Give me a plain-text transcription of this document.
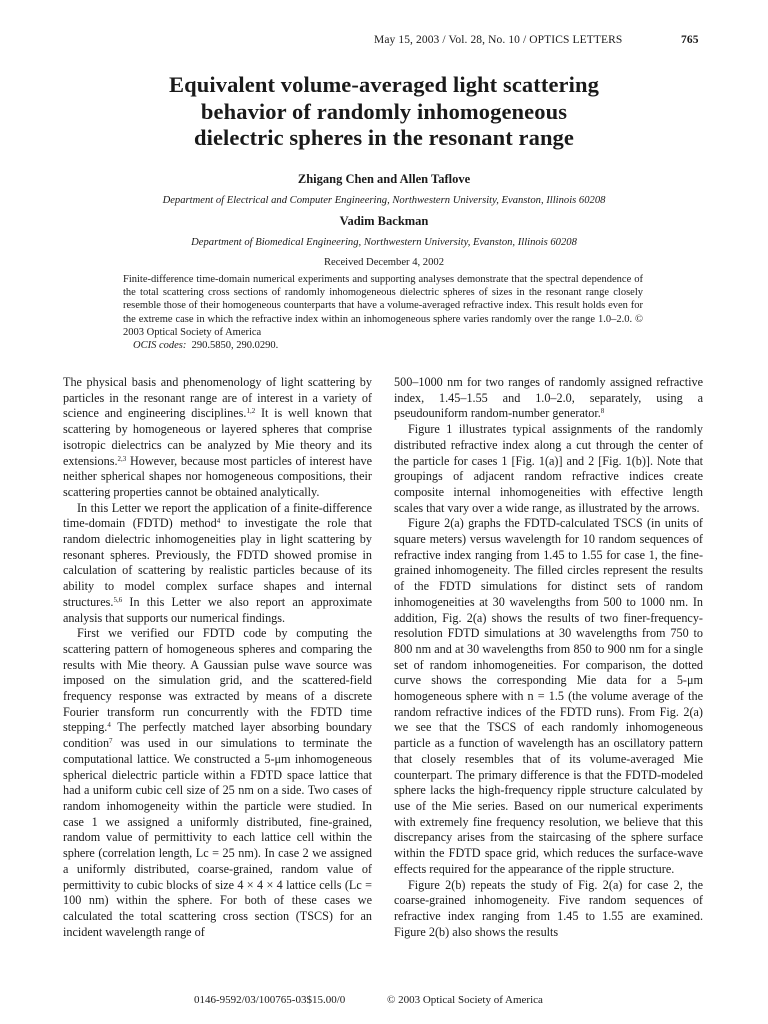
May 15, 2003 / Vol. 28, No. 10 / OPTICS LETTERS	765
Equivalent volume-averaged light scattering
behavior of randomly inhomogeneous
dielectric spheres in the resonant range
Zhigang Chen and Allen Taflove
Department of Electrical and Computer Engineering, Northwestern University, Evanston, Illinois 60208
Vadim Backman
Department of Biomedical Engineering, Northwestern University, Evanston, Illinois 60208
Received December 4, 2002
Finite-difference time-domain numerical experiments and supporting analyses demonstrate that the spectral dependence of the total scattering cross sections of randomly inhomogeneous dielectric spheres of sizes in the resonant range closely resemble those of their homogeneous counterparts that have a volume-averaged refractive index. This result holds even for the extreme case in which the refractive index within an inhomogeneous sphere varies randomly over the range 1.0–2.0. © 2003 Optical Society of America
OCIS codes: 290.5850, 290.0290.

The physical basis and phenomenology of light scattering by particles in the resonant range are of interest in a variety of science and engineering disciplines.$^{1,2}$ It is well known that scattering by homogeneous or layered spheres that comprise isotropic dielectrics can be analyzed by Mie theory and its extensions.$^{2,3}$ However, because most particles of interest have neither spherical shapes nor homogeneous compositions, their scattering properties cannot be obtained analytically.

In this Letter we report the application of a finite-difference time-domain (FDTD) method$^4$ to investigate the role that random dielectric inhomogeneities play in light scattering by resonant spheres. Previously, the FDTD showed promise in calculation of scattering by realistic particles because of its ability to model complex surface shapes and internal structures.$^{5,6}$ In this Letter we also report an approximate analysis that supports our numerical findings.

First we verified our FDTD code by computing the scattering pattern of homogeneous spheres and comparing the results with Mie theory. A Gaussian pulse wave source was imposed on the simulation grid, and the scattered-field frequency response was extracted by means of a discrete Fourier transform run concurrently with the FDTD time stepping.$^4$ The perfectly matched layer absorbing boundary condition$^7$ was used in our simulations to terminate the computational lattice. We constructed a 5-μm inhomogeneous spherical dielectric particle within a FDTD space lattice that had a uniform cubic cell size of 25 nm on a side. Two cases of random inhomogeneity within the particle were studied. In case 1 we assigned a uniformly distributed, fine-grained, random value of permittivity to each lattice cell within the sphere (correlation length, Lc = 25 nm). In case 2 we assigned a uniformly distributed, coarse-grained, random value of permittivity to cubic blocks of size 4 × 4 × 4 lattice cells (Lc = 100 nm) within the sphere. For both of these cases we calculated the total scattering cross section (TSCS) for an incident wavelength range of

500–1000 nm for two ranges of randomly assigned refractive index, 1.45–1.55 and 1.0–2.0, separately, using a pseudouniform random-number generator.$^8$

Figure 1 illustrates typical assignments of the randomly distributed refractive index along a cut through the center of the particle for cases 1 [Fig. 1(a)] and 2 [Fig. 1(b)]. Note that groupings of adjacent random refractive indices create composite internal inhomogeneities with effective length scales that vary over a wide range, as illustrated by the arrows.

Figure 2(a) graphs the FDTD-calculated TSCS (in units of square meters) versus wavelength for 10 random sequences of refractive index ranging from 1.45 to 1.55 for case 1, the fine-grained inhomogeneity. The filled circles represent the results of the FDTD simulations for distinct sets of random inhomogeneities at 30 wavelengths from 500 to 1000 nm. In addition, Fig. 2(a) shows the results of two finer-frequency-resolution FDTD simulations at 30 wavelengths from 750 to 800 nm and at 30 wavelengths from 850 to 900 nm for a single set of random inhomogeneities. For comparison, the dotted curve shows the corresponding Mie data for a 5-μm homogeneous sphere with n = 1.5 (the volume average of the random refractive indices of the FDTD runs). From Fig. 2(a) we see that the TSCS of each randomly inhomogeneous particle as a function of wavelength has an oscillatory pattern that closely resembles that of its volume-averaged Mie counterpart. The primary difference is that the FDTD-modeled sphere lacks the high-frequency ripple structure calculated by use of the Mie series. Based on our numerical experiments with extremely fine frequency resolution, we believe that this discrepancy arises from the staircasing of the sphere surface within the FDTD space grid, which reduces the surface-wave effects required for the appearance of the ripple structure.

Figure 2(b) repeats the study of Fig. 2(a) for case 2, the coarse-grained inhomogeneity. Five random sequences of refractive index ranging from 1.45 to 1.55 are examined. Figure 2(b) also shows the results

0146-9592/03/100765-03$15.00/0	© 2003 Optical Society of America
